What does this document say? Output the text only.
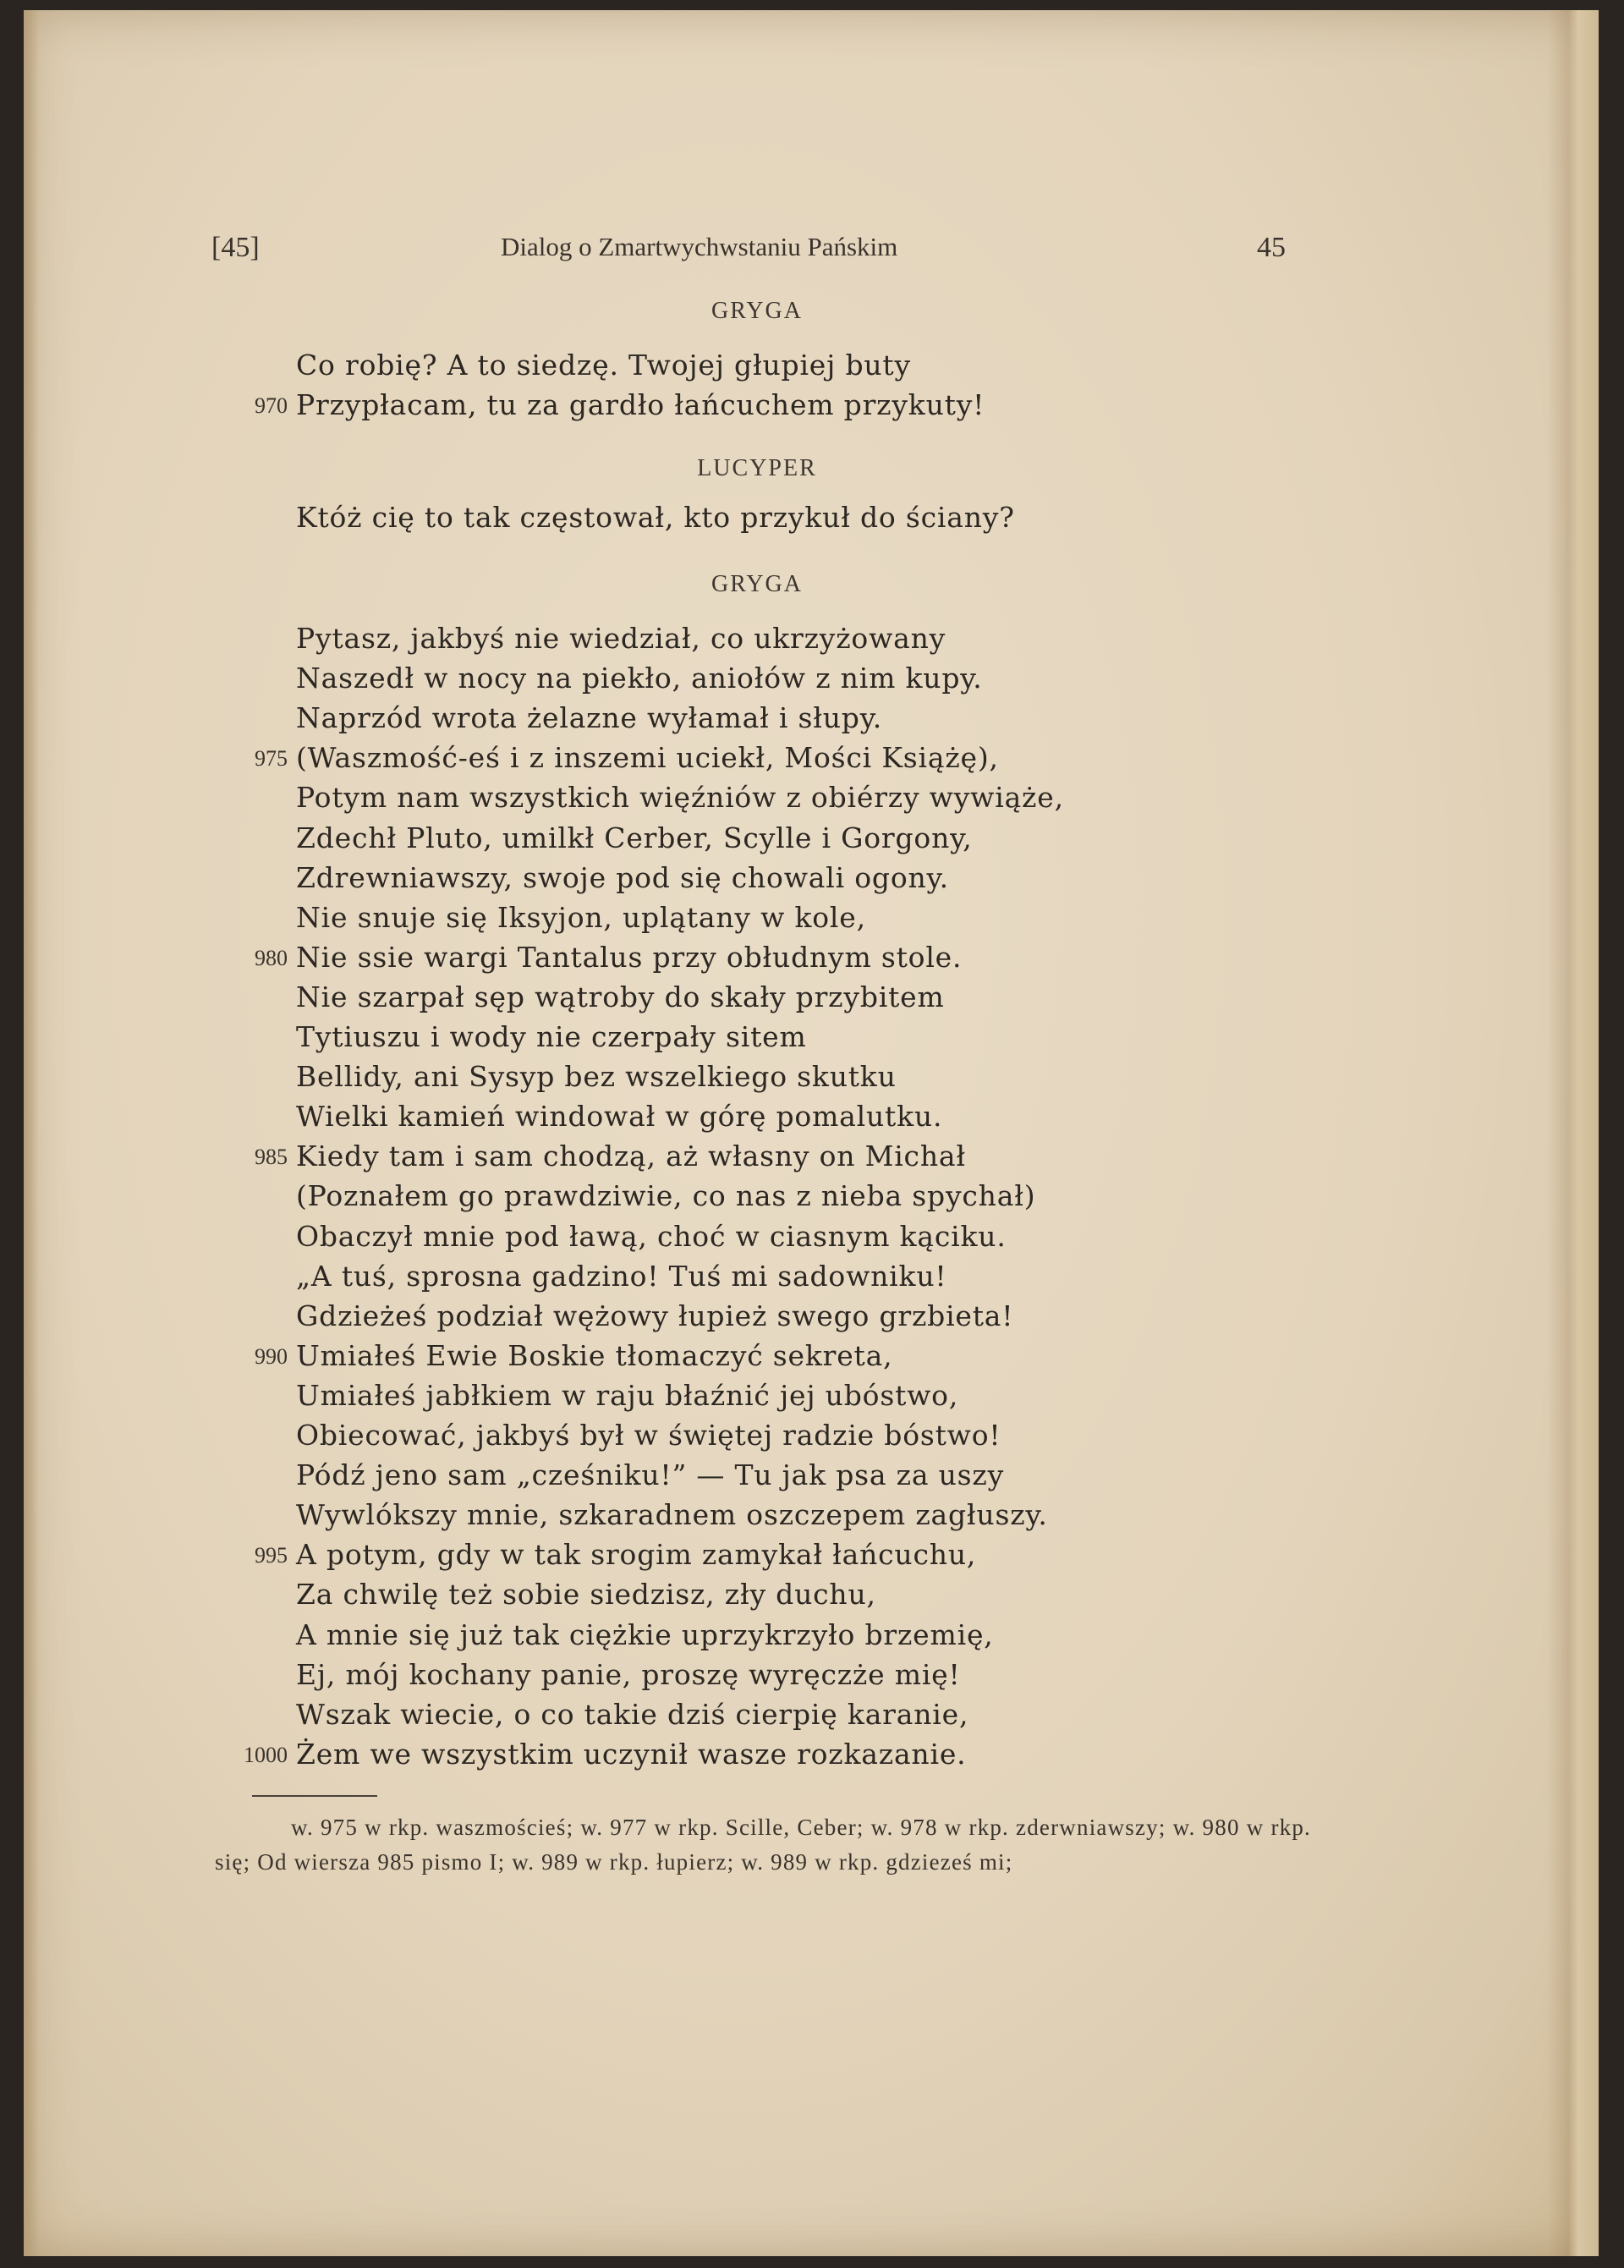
[45]	Dialog o Zmartwychwstaniu Pańskim	45
GRYGA
Co robię? A to siedzę. Twojej głupiej buty
Przypłacam, tu za gardło łańcuchem przykuty!
970
LUCYPER
Któż cię to tak częstował, kto przykuł do ściany?
GRYGA
Pytasz, jakbyś nie wiedział, co ukrzyżowany
Naszedł w nocy na piekło, aniołów z nim kupy.
Naprzód wrota żelazne wyłamał i słupy.
(Waszmość-eś i z inszemi uciekł, Mości Książę),
975
Potym nam wszystkich więźniów z obiérzy wywiąże,
Zdechł Pluto, umilkł Cerber, Scylle i Gorgony,
Zdrewniawszy, swoje pod się chowali ogony.
Nie snuje się Iksyjon, uplątany w kole,
Nie ssie wargi Tantalus przy obłudnym stole.
980
Nie szarpał sęp wątroby do skały przybitem
Tytiuszu i wody nie czerpały sitem
Bellidy, ani Sysyp bez wszelkiego skutku
Wielki kamień windował w górę pomalutku.
Kiedy tam i sam chodzą, aż własny on Michał
985
(Poznałem go prawdziwie, co nas z nieba spychał)
Obaczył mnie pod ławą, choć w ciasnym kąciku.
„A tuś, sprosna gadzino! Tuś mi sadowniku!
Gdzieżeś podział wężowy łupież swego grzbieta!
Umiałeś Ewie Boskie tłomaczyć sekreta,
990
Umiałeś jabłkiem w raju błaźnić jej ubóstwo,
Obiecować, jakbyś był w świętej radzie bóstwo!
Pódź jeno sam „cześniku!” — Tu jak psa za uszy
Wywlókszy mnie, szkaradnem oszczepem zagłuszy.
A potym, gdy w tak srogim zamykał łańcuchu,
995
Za chwilę też sobie siedzisz, zły duchu,
A mnie się już tak ciężkie uprzykrzyło brzemię,
Ej, mój kochany panie, proszę wyręczże mię!
Wszak wiecie, o co takie dziś cierpię karanie,
Żem we wszystkim uczynił wasze rozkazanie.
1000
w. 975 w rkp. waszmościeś; w. 977 w rkp. Scille, Ceber; w. 978 w rkp. zderwniawszy; w. 980 w rkp. się; Od wiersza 985 pismo I; w. 989 w rkp. łupierz; w. 989 w rkp. gdzieześ mi;
